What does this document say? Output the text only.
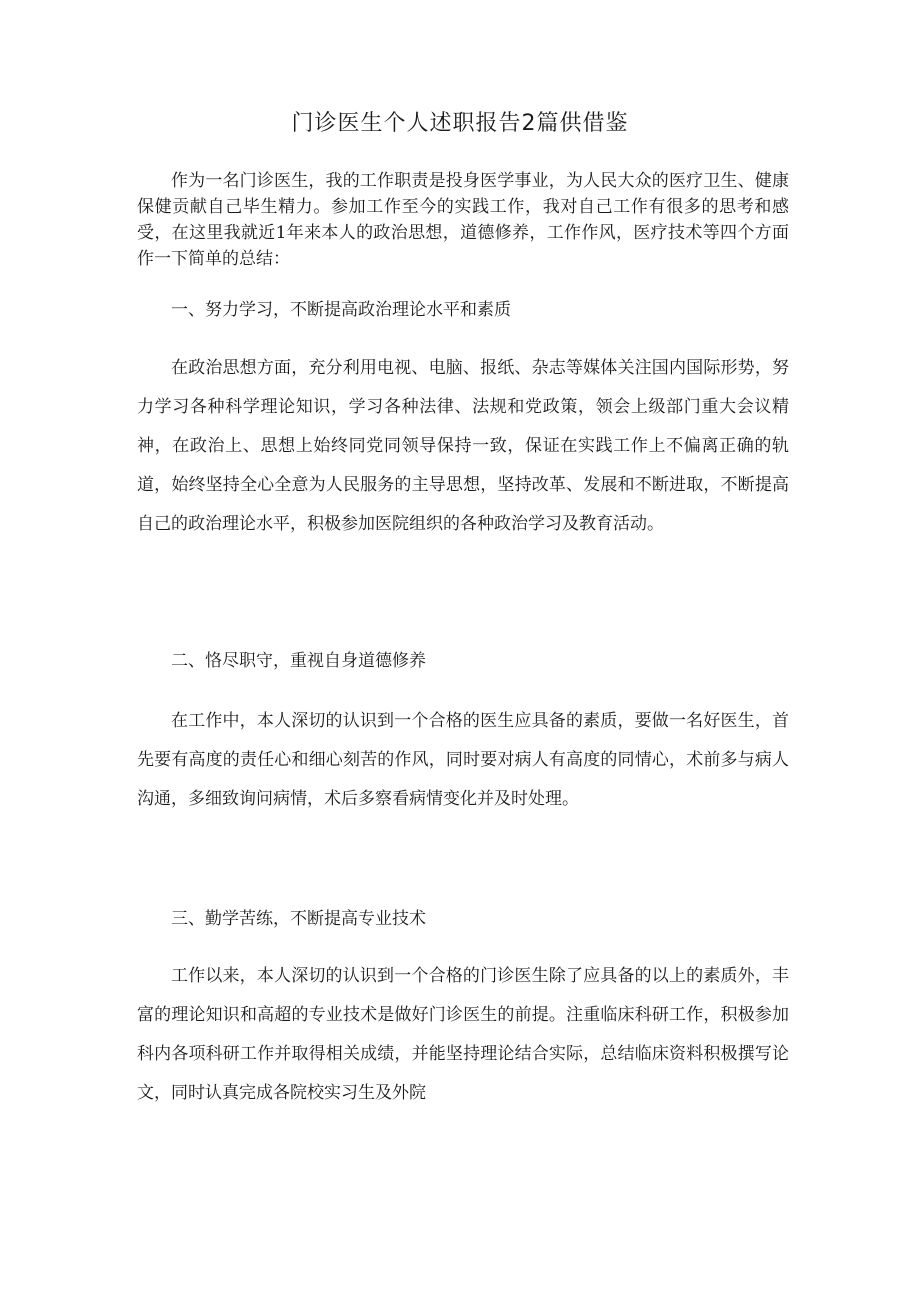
门诊医生个人述职报告2篇供借鉴

作为一名门诊医生，我的工作职责是投身医学事业，为人民大众的医疗卫生、健康保健贡献自己毕生精力。参加工作至今的实践工作，我对自己工作有很多的思考和感受，在这里我就近1年来本人的政治思想，道德修养，工作作风，医疗技术等四个方面作一下简单的总结：

一、努力学习，不断提高政治理论水平和素质

在政治思想方面，充分利用电视、电脑、报纸、杂志等媒体关注国内国际形势，努力学习各种科学理论知识，学习各种法律、法规和党政策，领会上级部门重大会议精神，在政治上、思想上始终同党同领导保持一致，保证在实践工作上不偏离正确的轨道，始终坚持全心全意为人民服务的主导思想，坚持改革、发展和不断进取，不断提高自己的政治理论水平，积极参加医院组织的各种政治学习及教育活动。

二、恪尽职守，重视自身道德修养

在工作中，本人深切的认识到一个合格的医生应具备的素质，要做一名好医生，首先要有高度的责任心和细心刻苦的作风，同时要对病人有高度的同情心，术前多与病人沟通，多细致询问病情，术后多察看病情变化并及时处理。

三、勤学苦练，不断提高专业技术

工作以来，本人深切的认识到一个合格的门诊医生除了应具备的以上的素质外，丰富的理论知识和高超的专业技术是做好门诊医生的前提。注重临床科研工作，积极参加科内各项科研工作并取得相关成绩，并能坚持理论结合实际，总结临床资料积极撰写论文，同时认真完成各院校实习生及外院
